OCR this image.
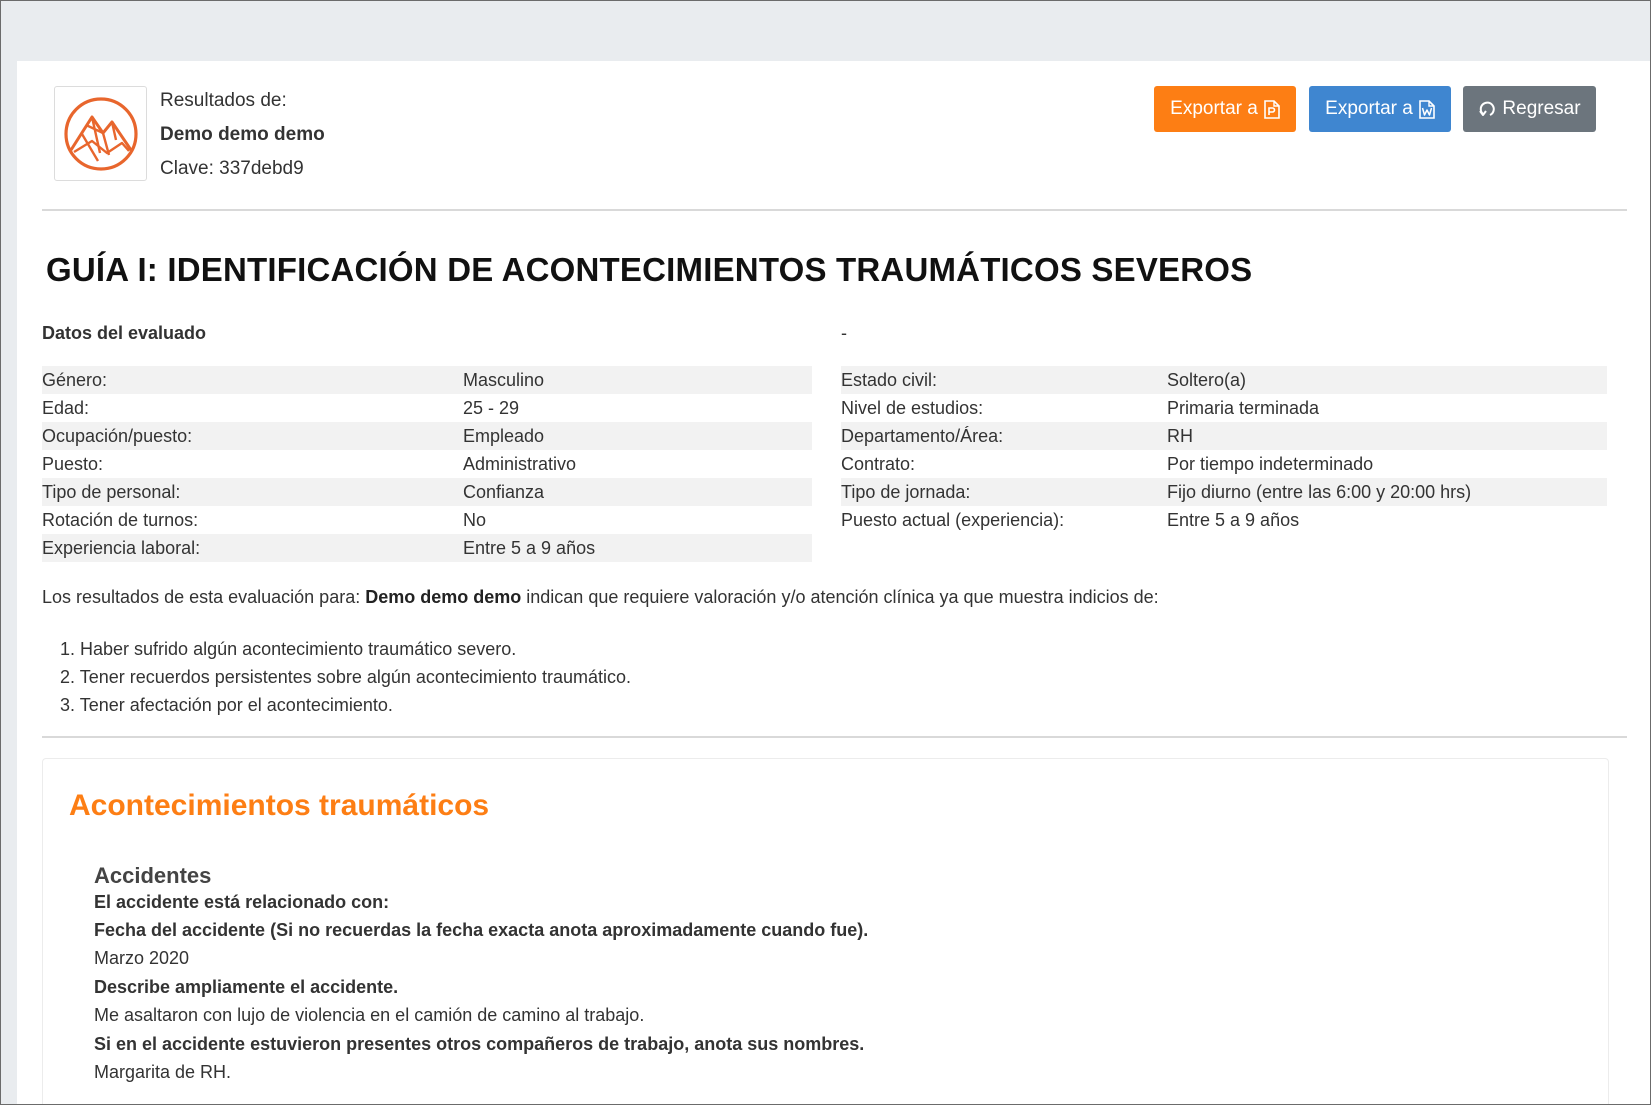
Resultados de:
Demo demo demo
Clave: 337debd9
Exportar a	Exportar a	Regresar
GUÍA I: IDENTIFICACIÓN DE ACONTECIMIENTOS TRAUMÁTICOS SEVEROS
Datos del evaluado	-
Género:	Masculino
Edad:	25 - 29
Ocupación/puesto:	Empleado
Puesto:	Administrativo
Tipo de personal:	Confianza
Rotación de turnos:	No
Experiencia laboral:	Entre 5 a 9 años
Estado civil:	Soltero(a)
Nivel de estudios:	Primaria terminada
Departamento/Área:	RH
Contrato:	Por tiempo indeterminado
Tipo de jornada:	Fijo diurno (entre las 6:00 y 20:00 hrs)
Puesto actual (experiencia):	Entre 5 a 9 años

Los resultados de esta evaluación para: Demo demo demo indican que requiere valoración y/o atención clínica ya que muestra indicios de:

1. Haber sufrido algún acontecimiento traumático severo.
2. Tener recuerdos persistentes sobre algún acontecimiento traumático.
3. Tener afectación por el acontecimiento.
Acontecimientos traumáticos
Accidentes
El accidente está relacionado con:
Fecha del accidente (Si no recuerdas la fecha exacta anota aproximadamente cuando fue).
Marzo 2020
Describe ampliamente el accidente.
Me asaltaron con lujo de violencia en el camión de camino al trabajo.
Si en el accidente estuvieron presentes otros compañeros de trabajo, anota sus nombres.
Margarita de RH.
